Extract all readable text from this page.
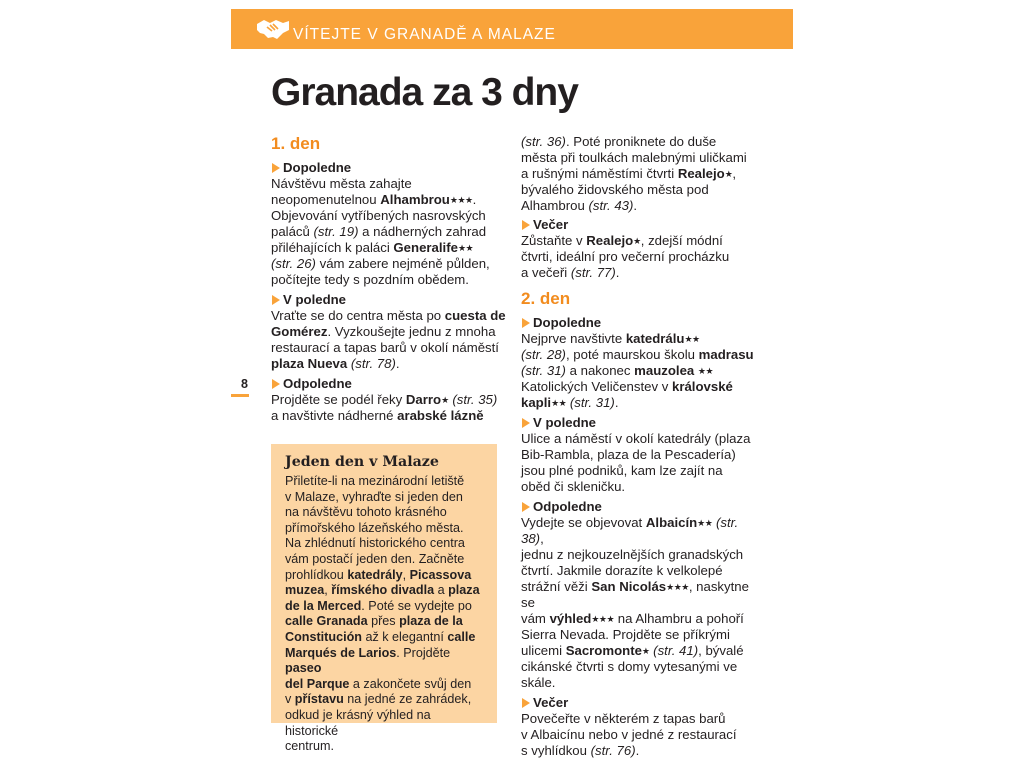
VÍTEJTE V GRANADĚ A MALAZE
Granada za 3 dny
8
1. den
Dopoledne

Návštěvu města zahajte
neopomenutelnou Alhambrou★★★.
Objevování vytříbených nasrovských
paláců (str. 19) a nádherných zahrad
přiléhajících k paláci Generalife★★
(str. 26) vám zabere nejméně půlden,
počítejte tedy s pozdním obědem.

V poledne

Vraťte se do centra města po cuesta de
Gomérez. Vyzkoušejte jednu z mnoha
restaurací a tapas barů v okolí náměstí
plaza Nueva (str. 78).

Odpoledne

Projděte se podél řeky Darro★ (str. 35)
a navštivte nádherné arabské lázně

Jeden den v Malaze

Přiletíte-li na mezinárodní letiště
v Malaze, vyhraďte si jeden den
na návštěvu tohoto krásného
přímořského lázeňského města.
Na zhlédnutí historického centra
vám postačí jeden den. Začněte
prohlídkou katedrály, Picassova
muzea, římského divadla a plaza
de la Merced. Poté se vydejte po
calle Granada přes plaza de la
Constitución až k elegantní calle
Marqués de Larios. Projděte paseo
del Parque a zakončete svůj den
v přístavu na jedné ze zahrádek,
odkud je krásný výhled na historické
centrum.

(str. 36). Poté proniknete do duše
města při toulkách malebnými uličkami
a rušnými náměstími čtvrti Realejo★,
bývalého židovského města pod
Alhambrou (str. 43).

Večer

Zůstaňte v Realejo★, zdejší módní
čtvrti, ideální pro večerní procházku
a večeři (str. 77).

2. den
Dopoledne

Nejprve navštivte katedrálu★★
(str. 28), poté maurskou školu madrasu
(str. 31) a nakonec mauzolea ★★
Katolických Veličenstev v královské
kapli★★ (str. 31).

V poledne

Ulice a náměstí v okolí katedrály (plaza
Bib-Rambla, plaza de la Pescadería)
jsou plné podniků, kam lze zajít na
oběd či skleničku.

Odpoledne

Vydejte se objevovat Albaicín★★ (str. 38),
jednu z nejkouzelnějších granadských
čtvrtí. Jakmile dorazíte k velkolepé
strážní věži San Nicolás★★★, naskytne se
vám výhled★★★ na Alhambru a pohoří
Sierra Nevada. Projděte se příkrými
ulicemi Sacromonte★ (str. 41), bývalé
cikánské čtvrti s domy vytesanými ve
skále.

Večer

Povečeřte v některém z tapas barů
v Albaicínu nebo v jedné z restaurací
s vyhlídkou (str. 76).
